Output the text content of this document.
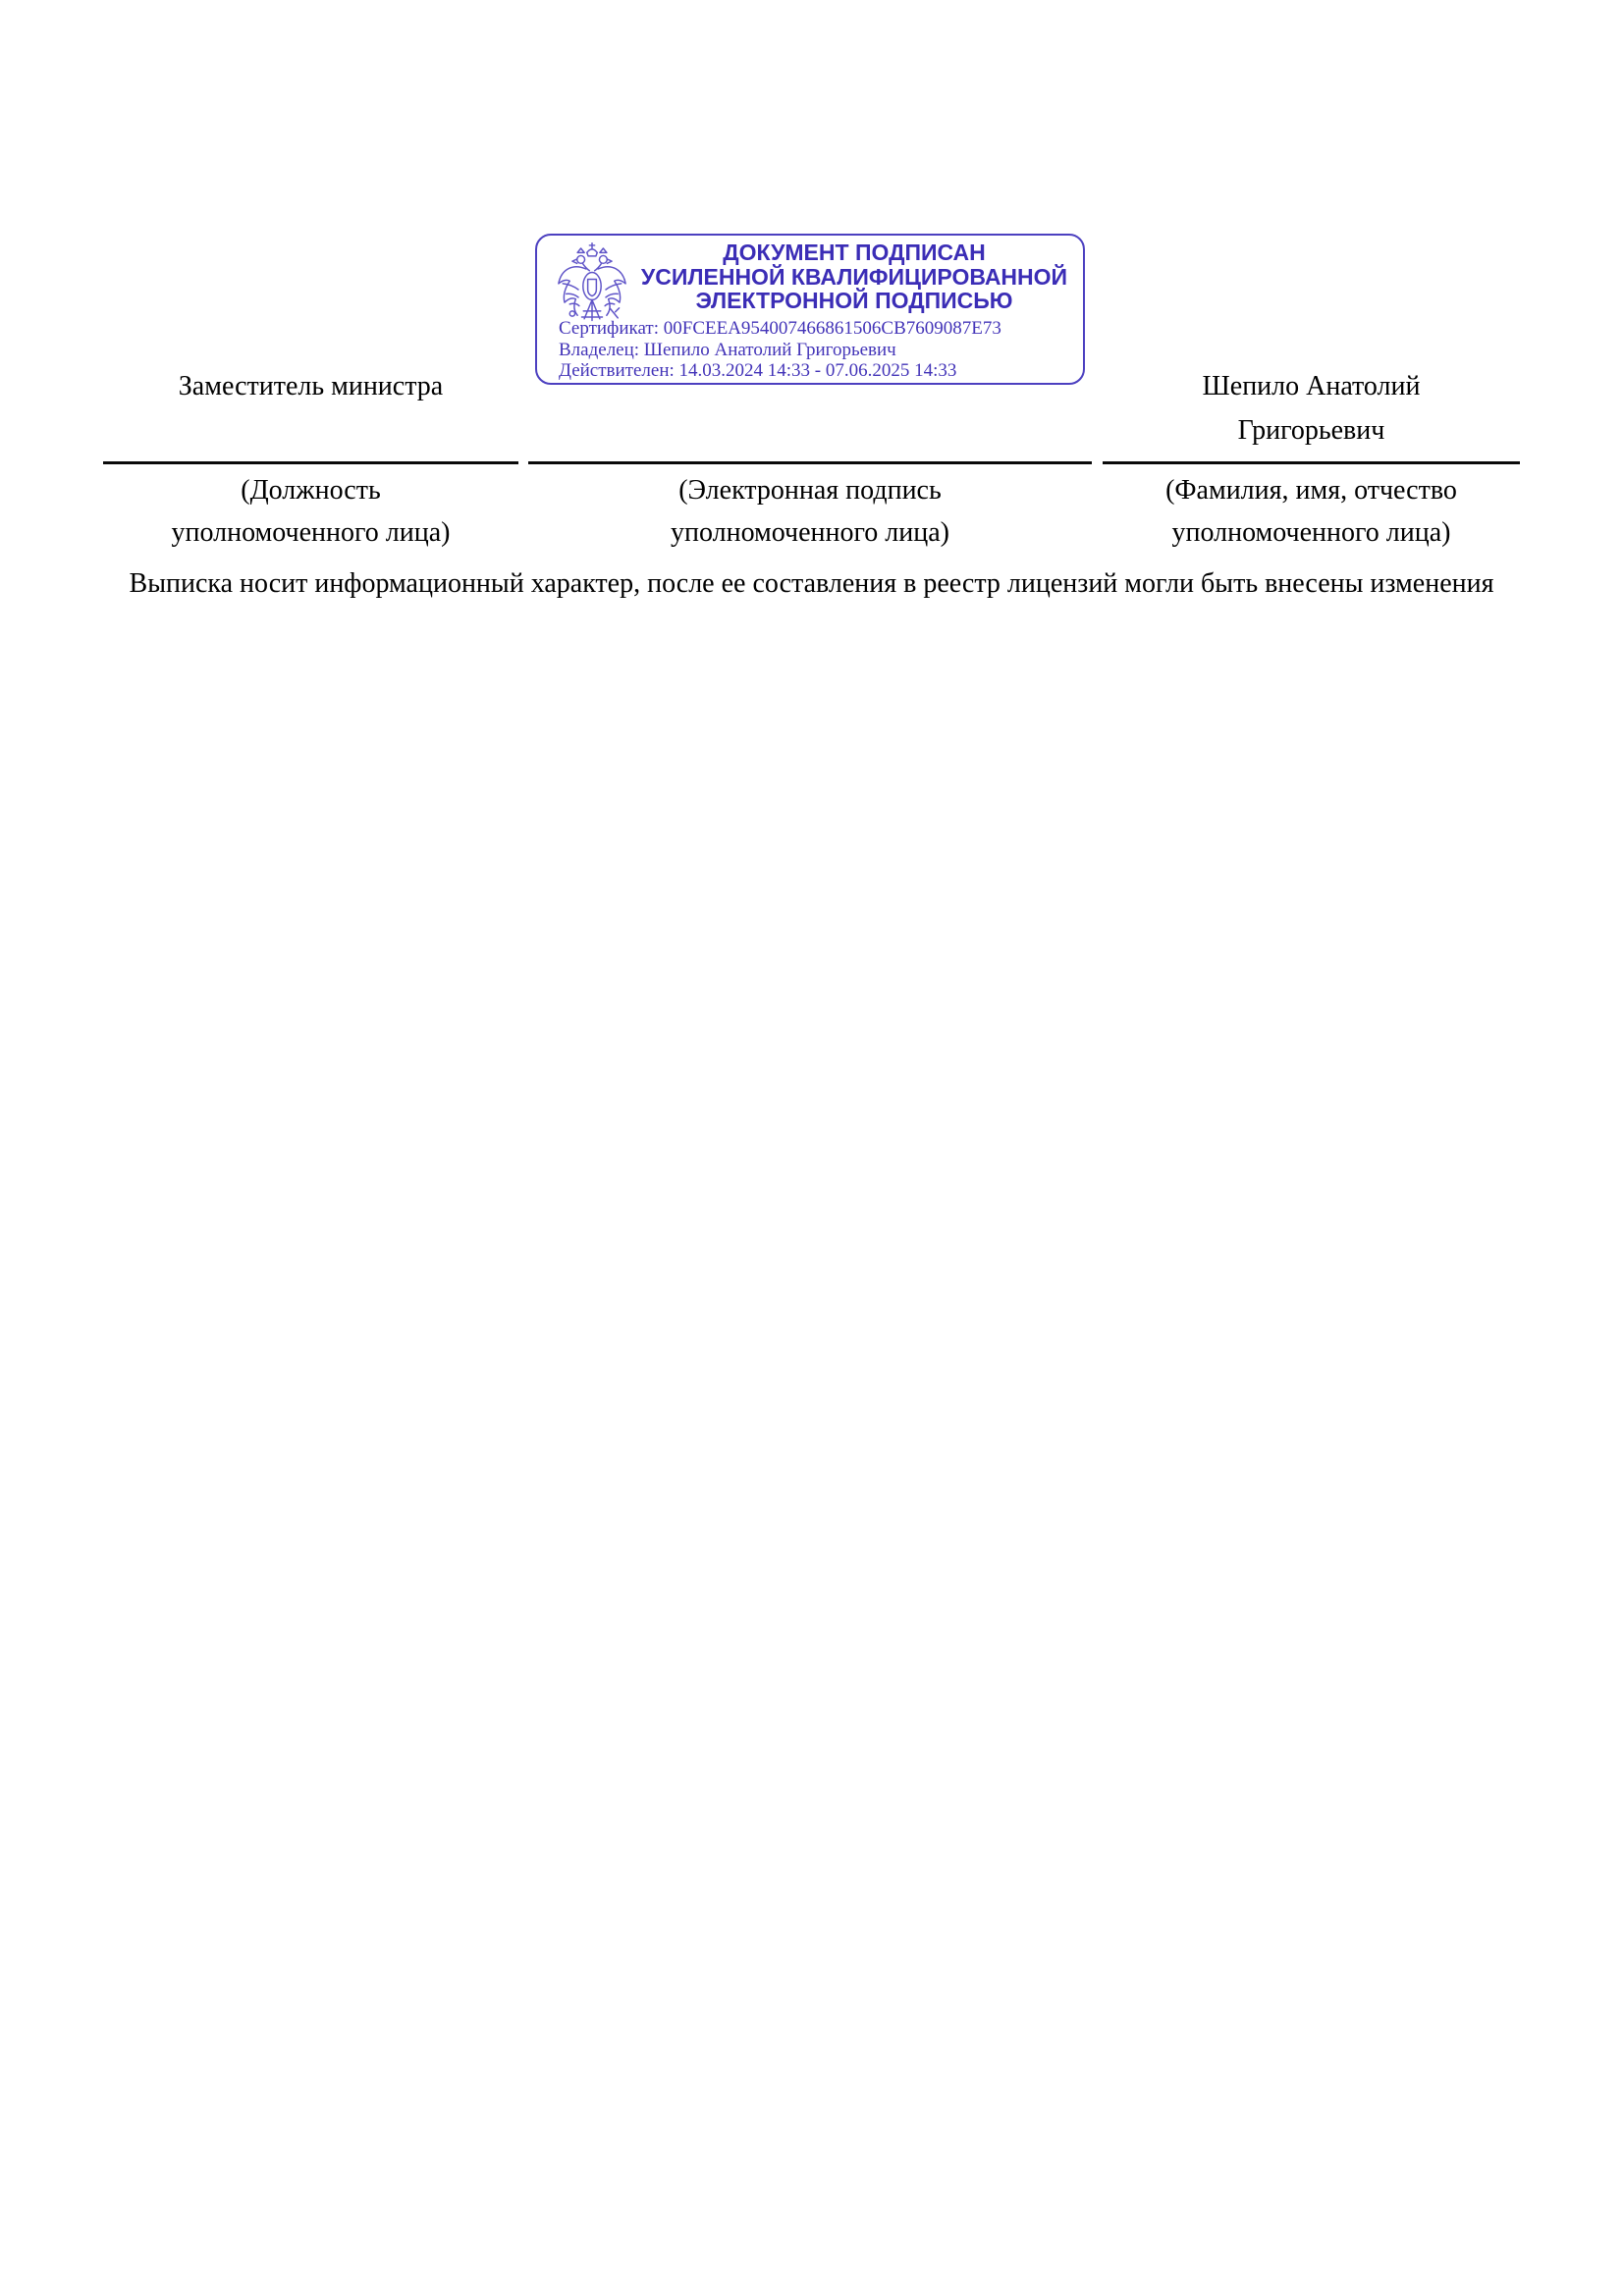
ДОКУМЕНТ ПОДПИСАН
УСИЛЕННОЙ КВАЛИФИЦИРОВАННОЙ
ЭЛЕКТРОННОЙ ПОДПИСЬЮ
Сертификат: 00FCEEA954007466861506CB7609087E73
Владелец: Шепило Анатолий Григорьевич
Действителен: 14.03.2024 14:33 - 07.06.2025 14:33
Заместитель министра	Шепило Анатолий
Григорьевич
(Должность
уполномоченного лица)
(Электронная подпись
уполномоченного лица)
(Фамилия, имя, отчество
уполномоченного лица)
Выписка носит информационный характер, после ее составления в реестр лицензий могли быть внесены изменения
